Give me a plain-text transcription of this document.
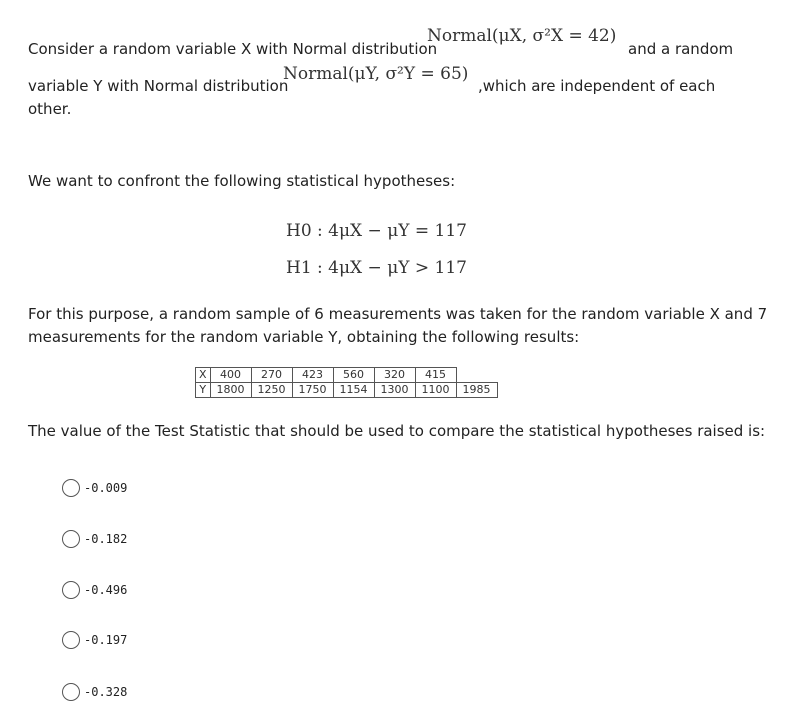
Consider a random variable X with Normal distribution
Normal(μX, σ²X = 42)
and a random
variable Y with Normal distribution
Normal(μY, σ²Y = 65)
,which are independent of each
other.
We want to confront the following statistical hypotheses:
H0 : 4μX − μY = 117
H1 : 4μX − μY > 117
For this purpose, a random sample of 6 measurements was taken for the random variable X and 7
measurements for the random variable Y, obtaining the following results:
X	400	270	423	560	320	415	
Y	1800	1250	1750	1154	1300	1100	1985
The value of the Test Statistic that should be used to compare the statistical hypotheses raised is:
-0.009
-0.182
-0.496
-0.197
-0.328
